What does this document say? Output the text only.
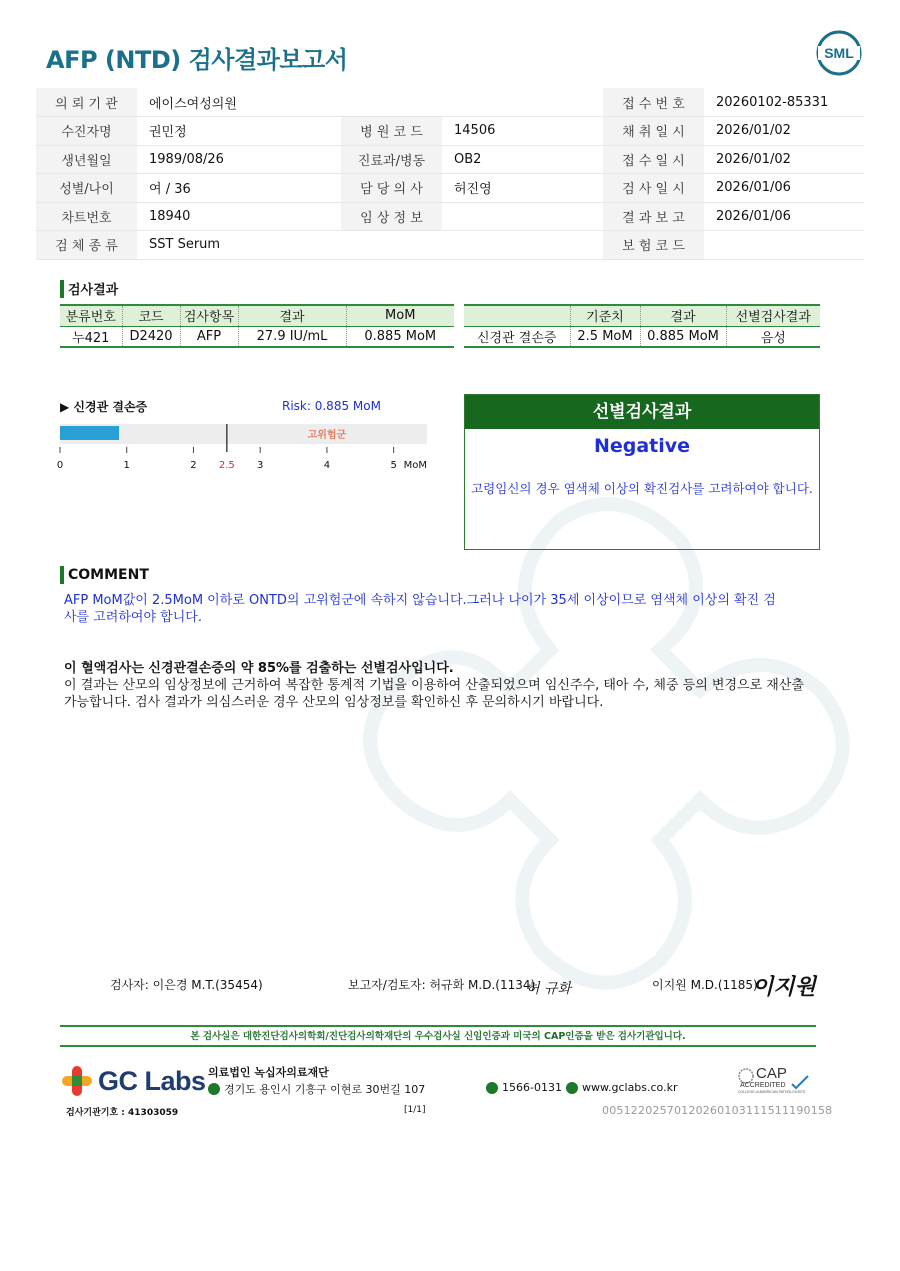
AFP (NTD) 검사결과보고서	SML
의 뢰 기 관	에이스여성의원			접 수 번 호	20260102-85331
수진자명	권민정	병 원 코 드	14506	채 취 일 시	2026/01/02
생년월일	1989/08/26	진료과/병동	OB2	접 수 일 시	2026/01/02
성별/나이	여 / 36	담 당 의 사	허진영	검 사 일 시	2026/01/06
차트번호	18940	임 상 정 보		결 과 보 고	2026/01/06
검 체 종 류	SST Serum			보 험 코 드	
검사결과
분류번호	코드	검사항목	결과	MoM
누421	D2420	AFP	27.9 IU/mL	0.885 MoM
	기준치	결과	선별검사결과
신경관 결손증	2.5 MoM	0.885 MoM	음성
▶ 신경관 결손증	Risk: 0.885 MoM
고위험군
0	1	2 2.5 3	4	5 MoM
선별검사결과
Negative
고령임신의 경우 염색체 이상의 확진검사를 고려하여야 합니다.
COMMENT
AFP MoM값이 2.5MoM 이하로 ONTD의 고위험군에 속하지 않습니다.그러나 나이가 35세 이상이므로 염색체 이상의 확진 검사를 고려하여야 합니다.
이 혈액검사는 신경관결손증의 약 85%를 검출하는 선별검사입니다.
이 결과는 산모의 임상정보에 근거하여 복잡한 통계적 기법을 이용하여 산출되었으며 임신주수, 태아 수, 체중 등의 변경으로 재산출 가능합니다. 검사 결과가 의심스러운 경우 산모의 임상정보를 확인하신 후 문의하시기 바랍니다.
검사자: 이은경 M.T.(35454)	보고자/검토자: 허규화 M.D.(1134)
허 규화	이지원 M.D.(1185)
이지원
본 검사실은 대한진단검사의학회/진단검사의학재단의 우수검사실 신임인증과 미국의 CAP인증을 받은 검사기관입니다.
GC Labs 의료법인 녹십자의료재단
경기도 용인시 기흥구 이현로 30번길 107	1566-0131 www.gclabs.co.kr
CAP
ACCREDITED
COLLEGE of AMERICAN PATHOLOGISTS
검사기관기호 : 41303059	[1/1]	00512202570120260103111511190158
